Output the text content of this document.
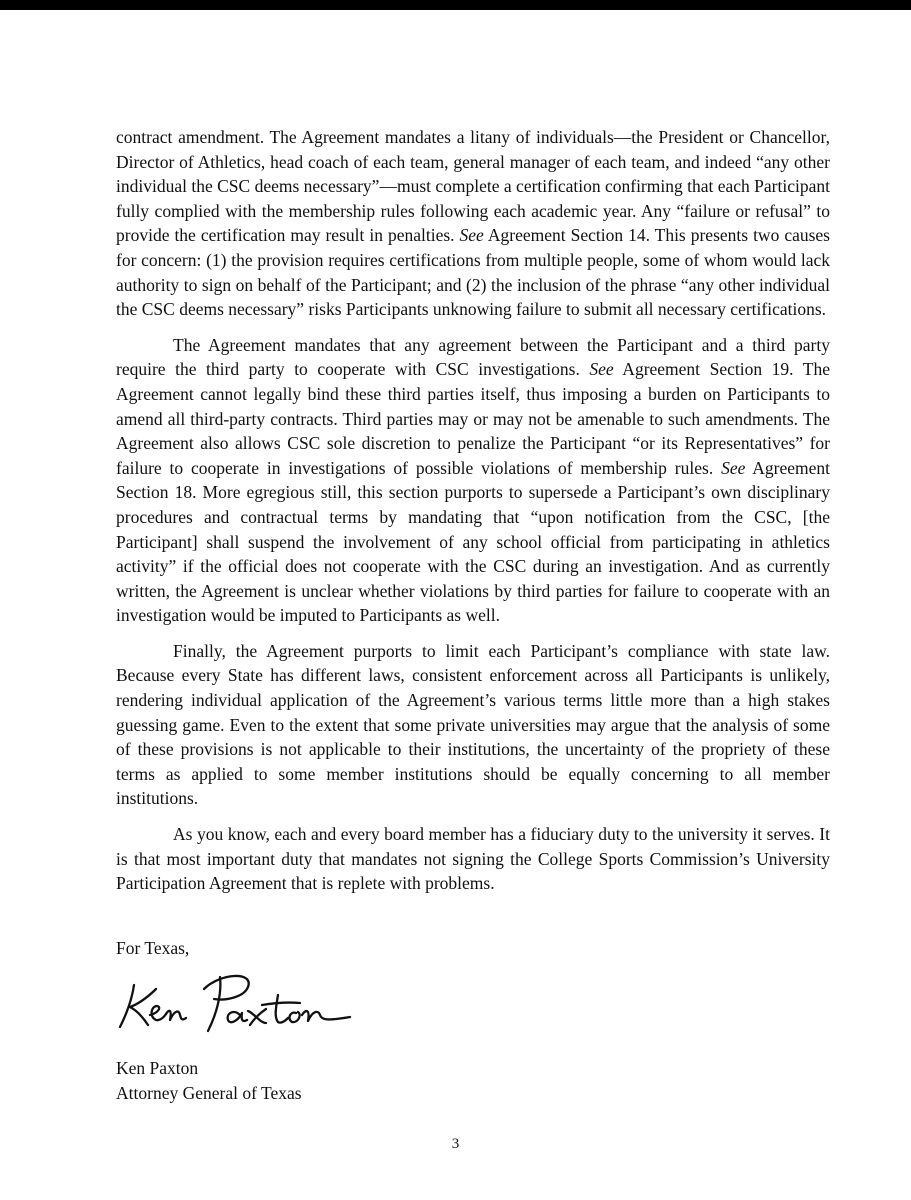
contract amendment. The Agreement mandates a litany of individuals—the President or Chancellor, Director of Athletics, head coach of each team, general manager of each team, and indeed “any other individual the CSC deems necessary”—must complete a certification confirming that each Participant fully complied with the membership rules following each academic year. Any “failure or refusal” to provide the certification may result in penalties. See Agreement Section 14. This presents two causes for concern: (1) the provision requires certifications from multiple people, some of whom would lack authority to sign on behalf of the Participant; and (2) the inclusion of the phrase “any other individual the CSC deems necessary” risks Participants unknowing failure to submit all necessary certifications.

The Agreement mandates that any agreement between the Participant and a third party require the third party to cooperate with CSC investigations. See Agreement Section 19. The Agreement cannot legally bind these third parties itself, thus imposing a burden on Participants to amend all third-party contracts. Third parties may or may not be amenable to such amendments. The Agreement also allows CSC sole discretion to penalize the Participant “or its Representatives” for failure to cooperate in investigations of possible violations of membership rules. See Agreement Section 18. More egregious still, this section purports to supersede a Participant’s own disciplinary procedures and contractual terms by mandating that “upon notification from the CSC, [the Participant] shall suspend the involvement of any school official from participating in athletics activity” if the official does not cooperate with the CSC during an investigation. And as currently written, the Agreement is unclear whether violations by third parties for failure to cooperate with an investigation would be imputed to Participants as well.

Finally, the Agreement purports to limit each Participant’s compliance with state law. Because every State has different laws, consistent enforcement across all Participants is unlikely, rendering individual application of the Agreement’s various terms little more than a high stakes guessing game. Even to the extent that some private universities may argue that the analysis of some of these provisions is not applicable to their institutions, the uncertainty of the propriety of these terms as applied to some member institutions should be equally concerning to all member institutions.

As you know, each and every board member has a fiduciary duty to the university it serves. It is that most important duty that mandates not signing the College Sports Commission’s University Participation Agreement that is replete with problems.

For Texas,
Ken Paxton
Attorney General of Texas
3
